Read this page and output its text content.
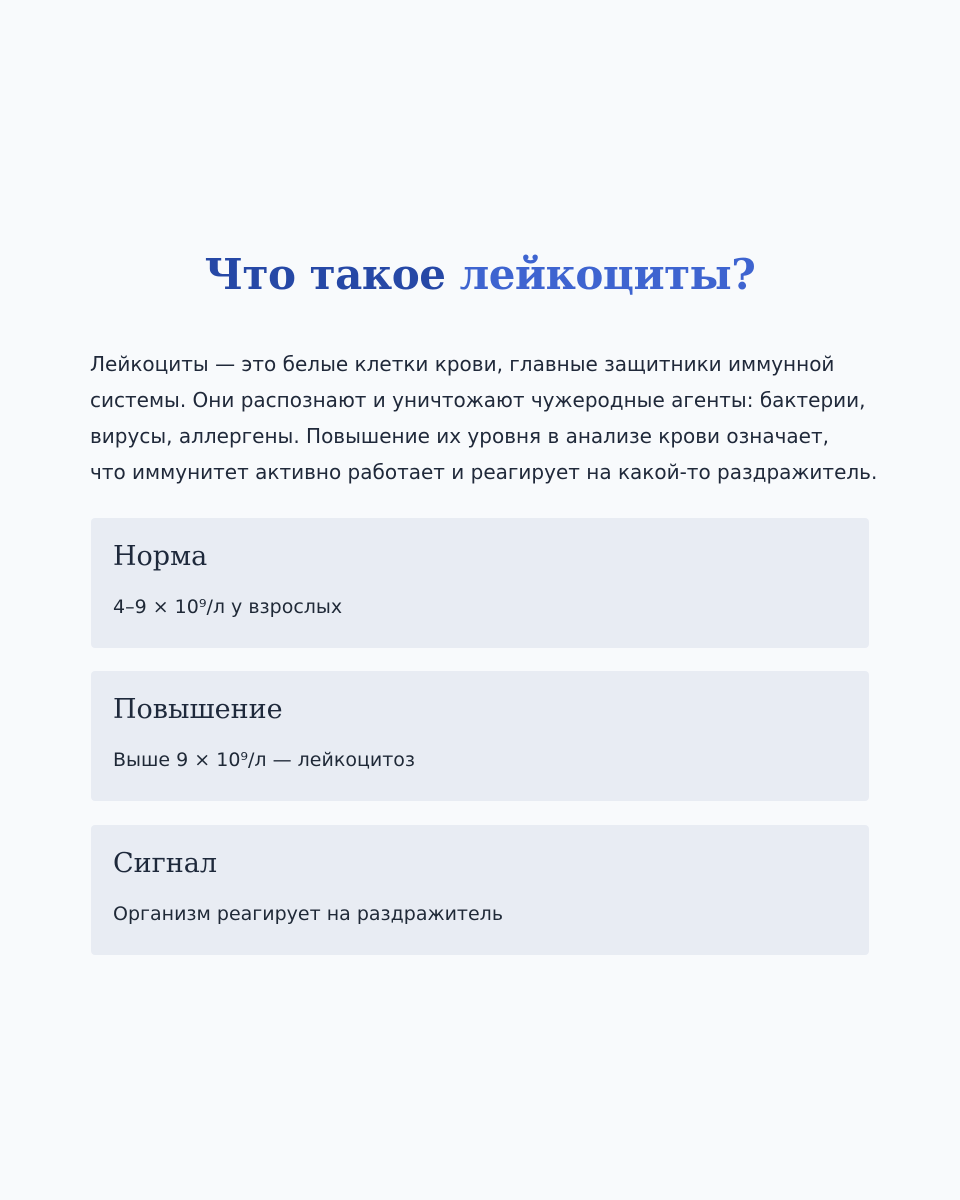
Что такое лейкоциты?

Лейкоциты — это белые клетки крови, главные защитники иммунной
системы. Они распознают и уничтожают чужеродные агенты: бактерии,
вирусы, аллергены. Повышение их уровня в анализе крови означает,
что иммунитет активно работает и реагирует на какой-то раздражитель.

Норма

4–9 × 10⁹/л у взрослых

Повышение

Выше 9 × 10⁹/л — лейкоцитоз

Сигнал

Организм реагирует на раздражитель
